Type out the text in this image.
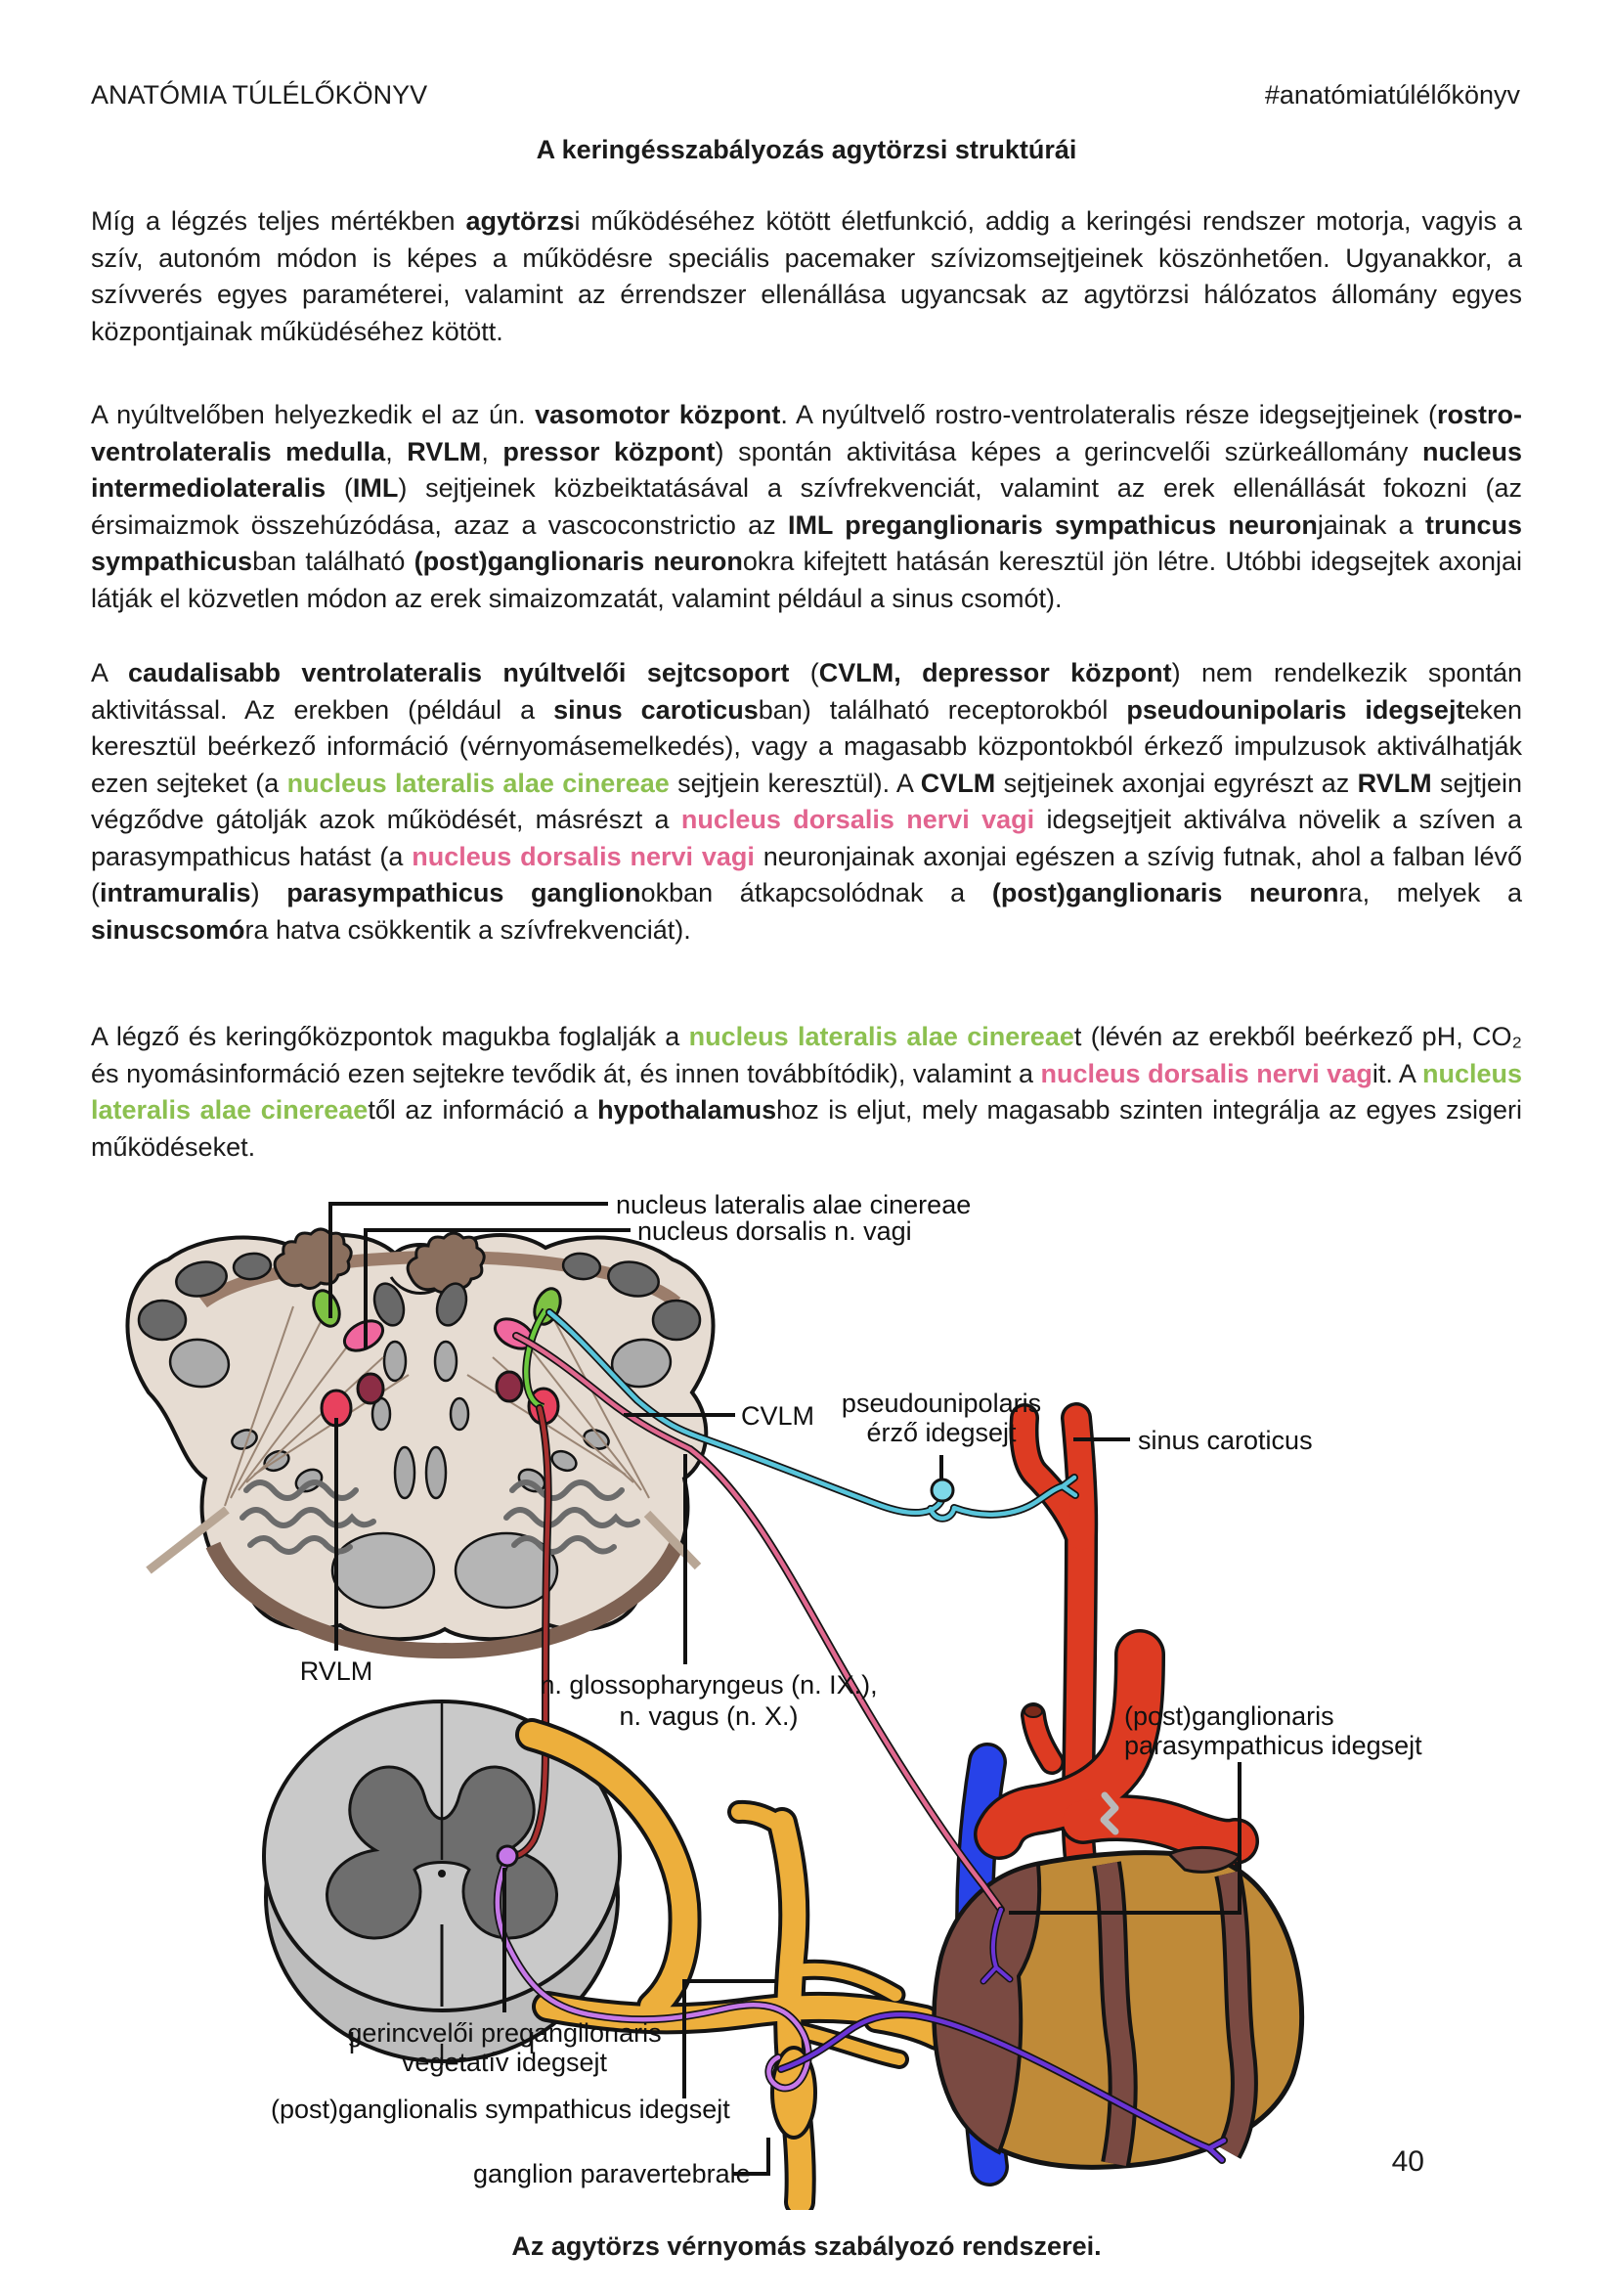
ANATÓMIA TÚLÉLŐKÖNYV	#anatómiatúlélőkönyv
A keringésszabályozás agytörzsi struktúrái
Míg a légzés teljes mértékben agytörzsi működéséhez kötött életfunkció, addig a keringési rendszer motorja, vagyis a szív, autonóm módon is képes a működésre speciális pacemaker szívizomsejtjeinek köszönhetően. Ugyanakkor, a szívverés egyes paraméterei, valamint az érrendszer ellenállása ugyancsak az agytörzsi hálózatos állomány egyes központjainak műküdéséhez kötött.
A nyúltvelőben helyezkedik el az ún. vasomotor központ. A nyúltvelő rostro-ventrolateralis része idegsejtjeinek (rostro-ventrolateralis medulla, RVLM, pressor központ) spontán aktivitása képes a gerincvelői szürkeállomány nucleus intermediolateralis (IML) sejtjeinek közbeiktatásával a szívfrekvenciát, valamint az erek ellenállását fokozni (az érsimaizmok összehúzódása, azaz a vascoconstrictio az IML preganglionaris sympathicus neuronjainak a truncus sympathicusban található (post)ganglionaris neuronokra kifejtett hatásán keresztül jön létre. Utóbbi idegsejtek axonjai látják el közvetlen módon az erek simaizomzatát, valamint például a sinus csomót).
A caudalisabb ventrolateralis nyúltvelői sejtcsoport (CVLM, depressor központ) nem rendelkezik spontán aktivitással. Az erekben (például a sinus caroticusban) található receptorokból pseudounipolaris idegsejteken keresztül beérkező információ (vérnyomásemelkedés), vagy a magasabb központokból érkező impulzusok aktiválhatják ezen sejteket (a nucleus lateralis alae cinereae sejtjein keresztül). A CVLM sejtjeinek axonjai egyrészt az RVLM sejtjein végződve gátolják azok működését, másrészt a nucleus dorsalis nervi vagi idegsejtjeit aktiválva növelik a szíven a parasympathicus hatást (a nucleus dorsalis nervi vagi neuronjainak axonjai egészen a szívig futnak, ahol a falban lévő (intramuralis) parasympathicus ganglionokban átkapcsolódnak a (post)ganglionaris neuronra, melyek a sinuscsomóra hatva csökkentik a szívfrekvenciát).
A légző és keringőközpontok magukba foglalják a nucleus lateralis alae cinereaet (lévén az erekből beérkező pH, CO₂ és nyomásinformáció ezen sejtekre tevődik át, és innen továbbítódik), valamint a nucleus dorsalis nervi vagit. A nucleus lateralis alae cinereaetől az információ a hypothalamushoz is eljut, mely magasabb szinten integrálja az egyes zsigeri működéseket.
nucleus lateralis alae cinereae
nucleus dorsalis n. vagi
CVLM pseudounipolaris
érző idegsejt	sinus caroticus
RVLM	n. glossopharyngeus (n. IX.),
n. vagus (n. X.)	(post)ganglionaris
parasympathicus idegsejt
gerincvelői preganglionaris
vegetatív idegsejt
(post)ganglionalis sympathicus idegsejt
ganglion paravertebrale	40
Az agytörzs vérnyomás szabályozó rendszerei.
